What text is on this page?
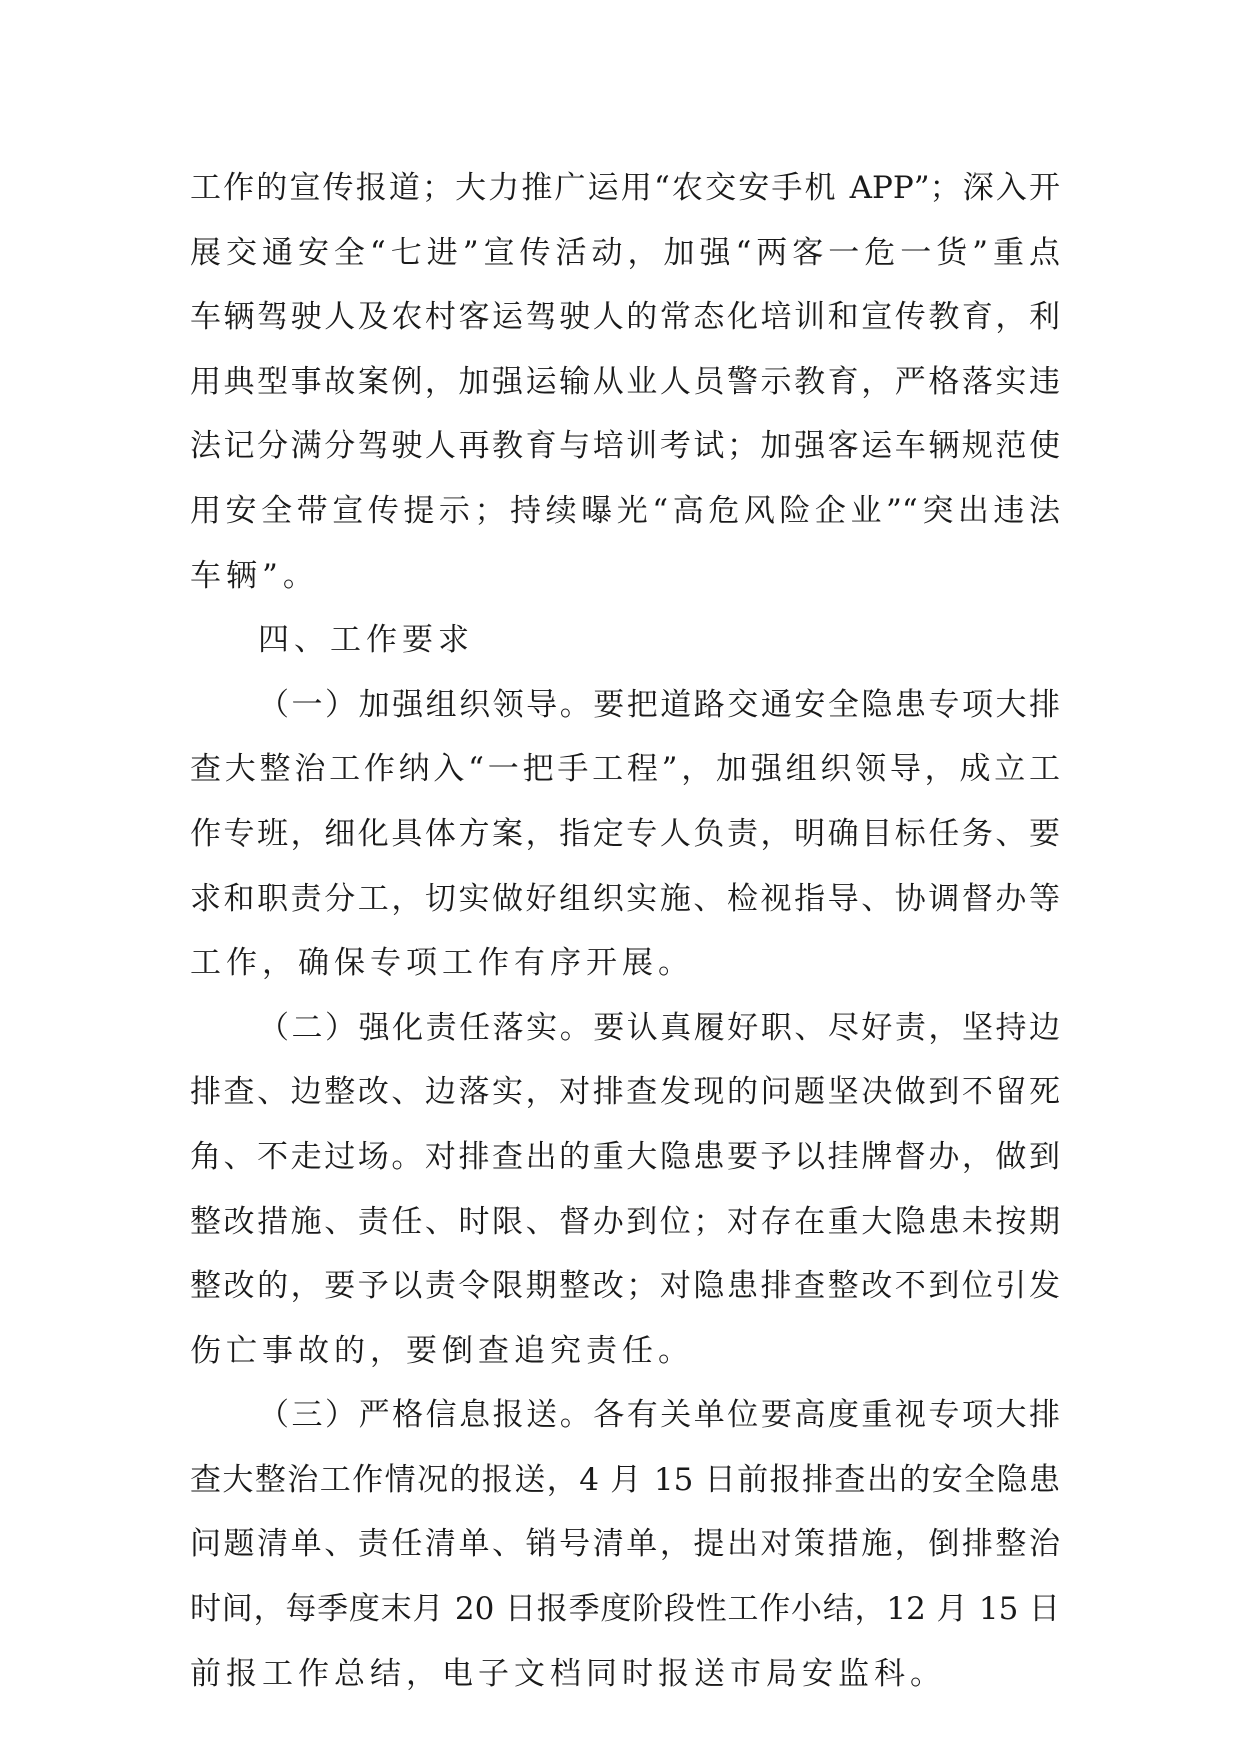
工作的宣传报道；大力推广运用“农交安手机 APP”；深入开
展交通安全“七进”宣传活动，加强“两客一危一货”重点
车辆驾驶人及农村客运驾驶人的常态化培训和宣传教育，利
用典型事故案例，加强运输从业人员警示教育，严格落实违
法记分满分驾驶人再教育与培训考试；加强客运车辆规范使
用安全带宣传提示；持续曝光“高危风险企业”“突出违法
车辆”。
四、工作要求
（一）加强组织领导。要把道路交通安全隐患专项大排
查大整治工作纳入“一把手工程”，加强组织领导，成立工
作专班，细化具体方案，指定专人负责，明确目标任务、要
求和职责分工，切实做好组织实施、检视指导、协调督办等
工作，确保专项工作有序开展。
（二）强化责任落实。要认真履好职、尽好责，坚持边
排查、边整改、边落实，对排查发现的问题坚决做到不留死
角、不走过场。对排查出的重大隐患要予以挂牌督办，做到
整改措施、责任、时限、督办到位；对存在重大隐患未按期
整改的，要予以责令限期整改；对隐患排查整改不到位引发
伤亡事故的，要倒查追究责任。
（三）严格信息报送。各有关单位要高度重视专项大排
查大整治工作情况的报送，4 月 15 日前报排查出的安全隐患
问题清单、责任清单、销号清单，提出对策措施，倒排整治
时间，每季度末月 20 日报季度阶段性工作小结，12 月 15 日
前报工作总结，电子文档同时报送市局安监科。
